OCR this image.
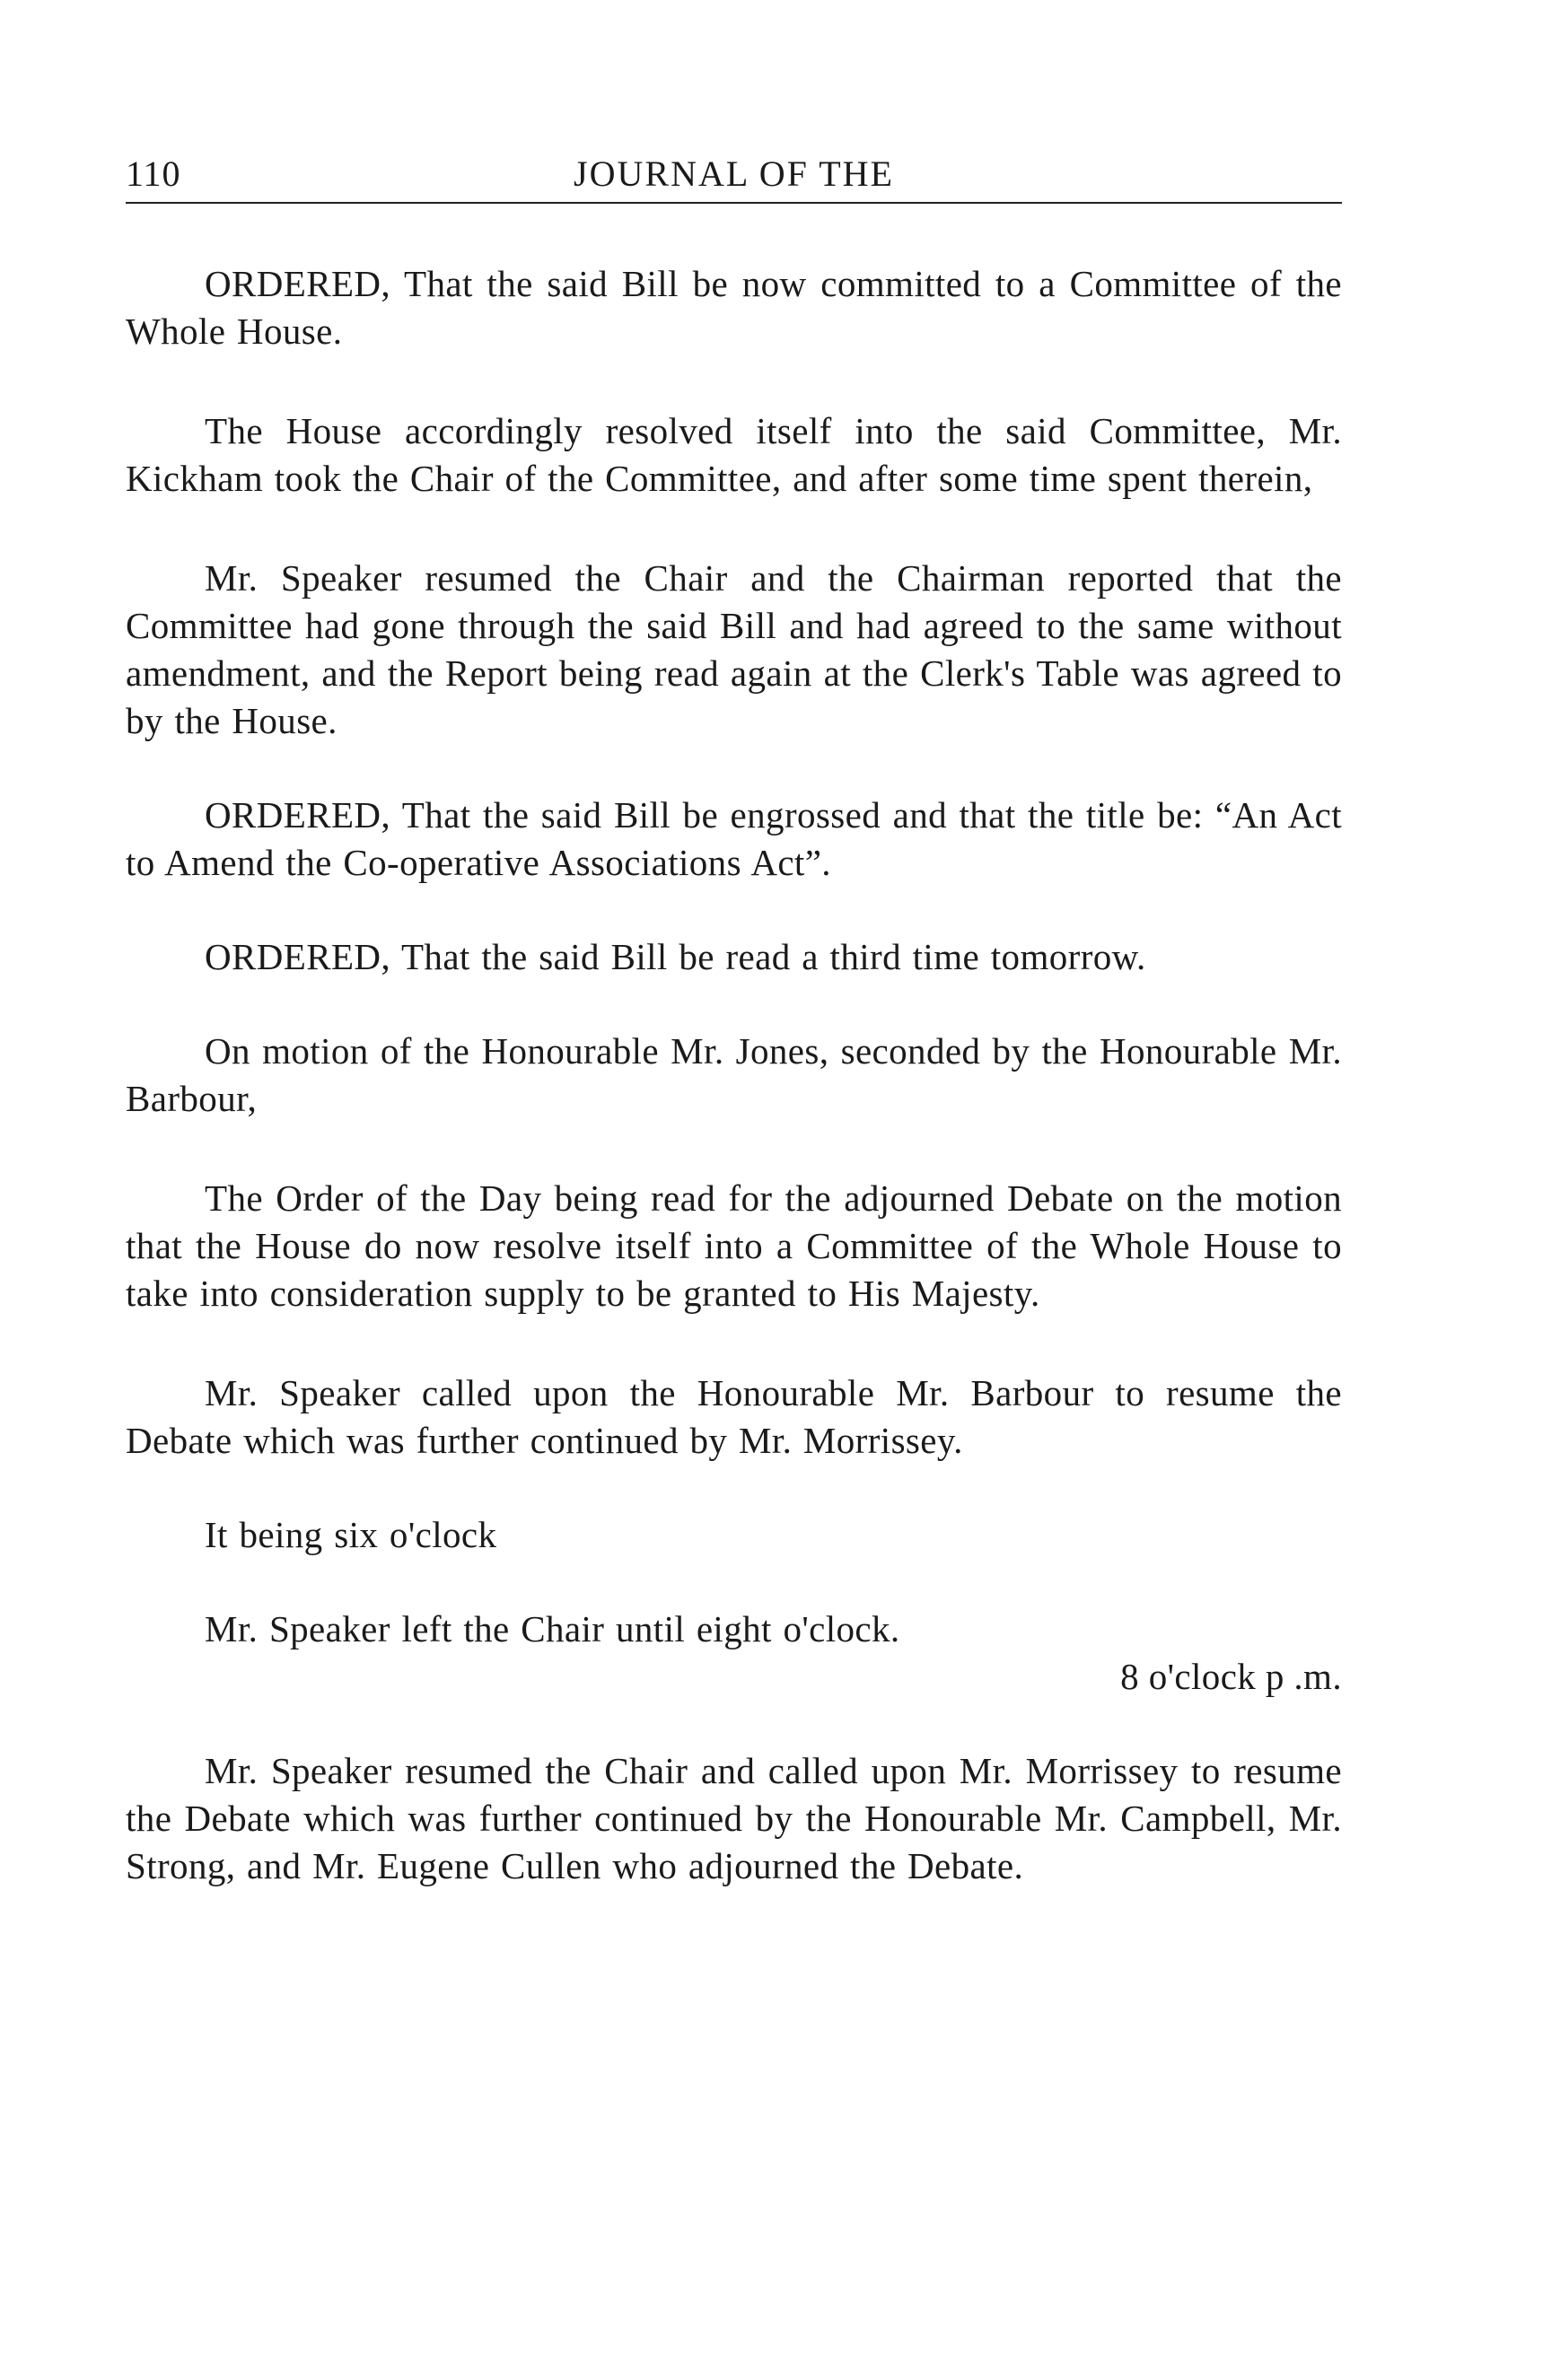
110	JOURNAL OF THE

ORDERED, That the said Bill be now committed to a Committee of the Whole House.

The House accordingly resolved itself into the said Committee, Mr. Kickham took the Chair of the Committee, and after some time spent therein,

Mr. Speaker resumed the Chair and the Chairman reported that the Committee had gone through the said Bill and had agreed to the same without amendment, and the Report being read again at the Clerk's Table was agreed to by the House.

ORDERED, That the said Bill be engrossed and that the title be: “An Act to Amend the Co-operative Associations Act”.

ORDERED, That the said Bill be read a third time tomorrow.

On motion of the Honourable Mr. Jones, seconded by the Honourable Mr. Barbour,

The Order of the Day being read for the adjourned Debate on the motion that the House do now resolve itself into a Committee of the Whole House to take into consideration supply to be granted to His Majesty.

Mr. Speaker called upon the Honourable Mr. Barbour to resume the Debate which was further continued by Mr. Morrissey.

It being six o'clock

Mr. Speaker left the Chair until eight o'clock.

8 o'clock p .m.

Mr. Speaker resumed the Chair and called upon Mr. Morrissey to resume the Debate which was further continued by the Honourable Mr. Campbell, Mr. Strong, and Mr. Eugene Cullen who adjourned the Debate.
